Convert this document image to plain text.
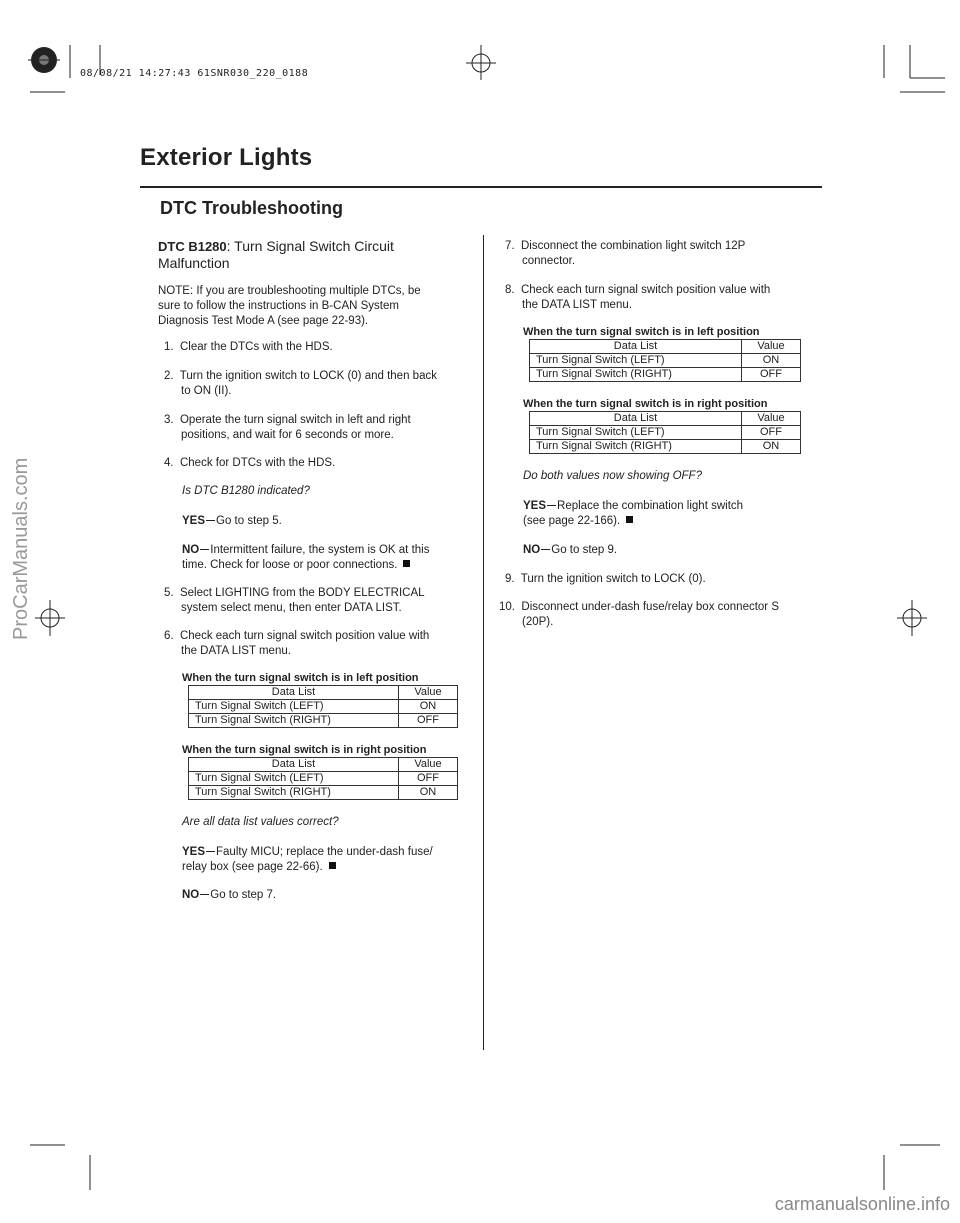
08/08/21 14:27:43 61SNR030_220_0188
Exterior Lights
DTC Troubleshooting
DTC B1280: Turn Signal Switch Circuit
Malfunction
NOTE: If you are troubleshooting multiple DTCs, be
sure to follow the instructions in B-CAN System
Diagnosis Test Mode A (see page 22-93).
1. Clear the DTCs with the HDS.
2. Turn the ignition switch to LOCK (0) and then back
to ON (II).
3. Operate the turn signal switch in left and right
positions, and wait for 6 seconds or more.
4. Check for DTCs with the HDS.
Is DTC B1280 indicated?
YES Go to step 5.
NO Intermittent failure, the system is OK at this
time. Check for loose or poor connections.
5. Select LIGHTING from the BODY ELECTRICAL
system select menu, then enter DATA LIST.
6. Check each turn signal switch position value with
the DATA LIST menu.
When the turn signal switch is in left position
Data List	Value
Turn Signal Switch (LEFT)	ON
Turn Signal Switch (RIGHT)	OFF
When the turn signal switch is in right position
Data List	Value
Turn Signal Switch (LEFT)	OFF
Turn Signal Switch (RIGHT)	ON
Are all data list values correct?
YES Faulty MICU; replace the under-dash fuse/
relay box (see page 22-66).
NO Go to step 7.
7. Disconnect the combination light switch 12P
connector.
8. Check each turn signal switch position value with
the DATA LIST menu.
When the turn signal switch is in left position
Data List	Value
Turn Signal Switch (LEFT)	ON
Turn Signal Switch (RIGHT)	OFF
When the turn signal switch is in right position
Data List	Value
Turn Signal Switch (LEFT)	OFF
Turn Signal Switch (RIGHT)	ON
Do both values now showing OFF?
YES Replace the combination light switch
(see page 22-166).
NO Go to step 9.
9. Turn the ignition switch to LOCK (0).
10. Disconnect under-dash fuse/relay box connector S
(20P).
ProCarManuals.com
carmanualsonline.info
